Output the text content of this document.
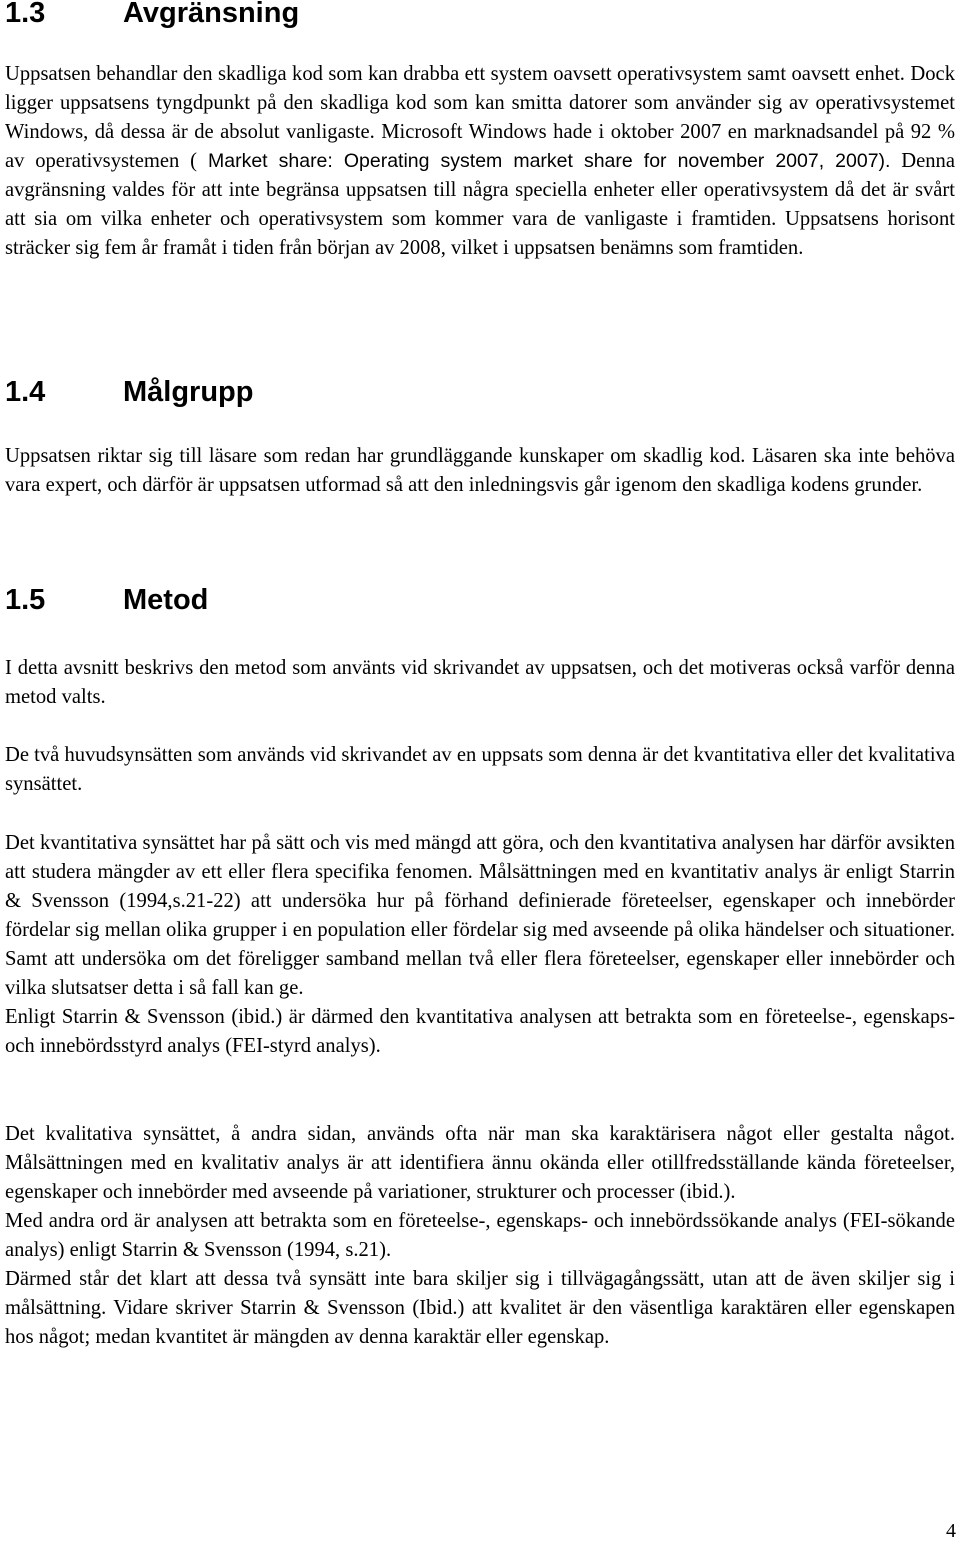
1.3	Avgränsning

Uppsatsen behandlar den skadliga kod som kan drabba ett system oavsett operativsystem samt oavsett enhet. Dock ligger uppsatsens tyngdpunkt på den skadliga kod som kan smitta datorer som använder sig av operativsystemet Windows, då dessa är de absolut vanligaste. Microsoft Windows hade i oktober 2007 en marknadsandel på 92 % av operativsystemen ( Market share: Operating system market share for november 2007, 2007). Denna avgränsning valdes för att inte begränsa uppsatsen till några speciella enheter eller operativsystem då det är svårt att sia om vilka enheter och operativsystem som kommer vara de vanligaste i framtiden. Uppsatsens horisont sträcker sig fem år framåt i tiden från början av 2008, vilket i uppsatsen benämns som framtiden.

1.4	Målgrupp

Uppsatsen riktar sig till läsare som redan har grundläggande kunskaper om skadlig kod. Läsaren ska inte behöva vara expert, och därför är uppsatsen utformad så att den inledningsvis går igenom den skadliga kodens grunder.

1.5	Metod

I detta avsnitt beskrivs den metod som använts vid skrivandet av uppsatsen, och det motiveras också varför denna metod valts.

De två huvudsynsätten som används vid skrivandet av en uppsats som denna är det kvantitativa eller det kvalitativa synsättet.

Det kvantitativa synsättet har på sätt och vis med mängd att göra, och den kvantitativa analysen har därför avsikten att studera mängder av ett eller flera specifika fenomen. Målsättningen med en kvantitativ analys är enligt Starrin & Svensson (1994,s.21-22) att undersöka hur på förhand definierade företeelser, egenskaper och innebörder fördelar sig mellan olika grupper i en population eller fördelar sig med avseende på olika händelser och situationer. Samt att undersöka om det föreligger samband mellan två eller flera företeelser, egenskaper eller innebörder och vilka slutsatser detta i så fall kan ge.

Enligt Starrin & Svensson (ibid.) är därmed den kvantitativa analysen att betrakta som en företeelse-, egenskaps- och innebördsstyrd analys (FEI-styrd analys).

Det kvalitativa synsättet, å andra sidan, används ofta när man ska karaktärisera något eller gestalta något. Målsättningen med en kvalitativ analys är att identifiera ännu okända eller otillfredsställande kända företeelser, egenskaper och innebörder med avseende på variationer, strukturer och processer (ibid.).

Med andra ord är analysen att betrakta som en företeelse-, egenskaps- och innebördssökande analys (FEI-sökande analys) enligt Starrin & Svensson (1994, s.21).

Därmed står det klart att dessa två synsätt inte bara skiljer sig i tillvägagångssätt, utan att de även skiljer sig i målsättning. Vidare skriver Starrin & Svensson (Ibid.) att kvalitet är den väsentliga karaktären eller egenskapen hos något; medan kvantitet är mängden av denna karaktär eller egenskap.

4
